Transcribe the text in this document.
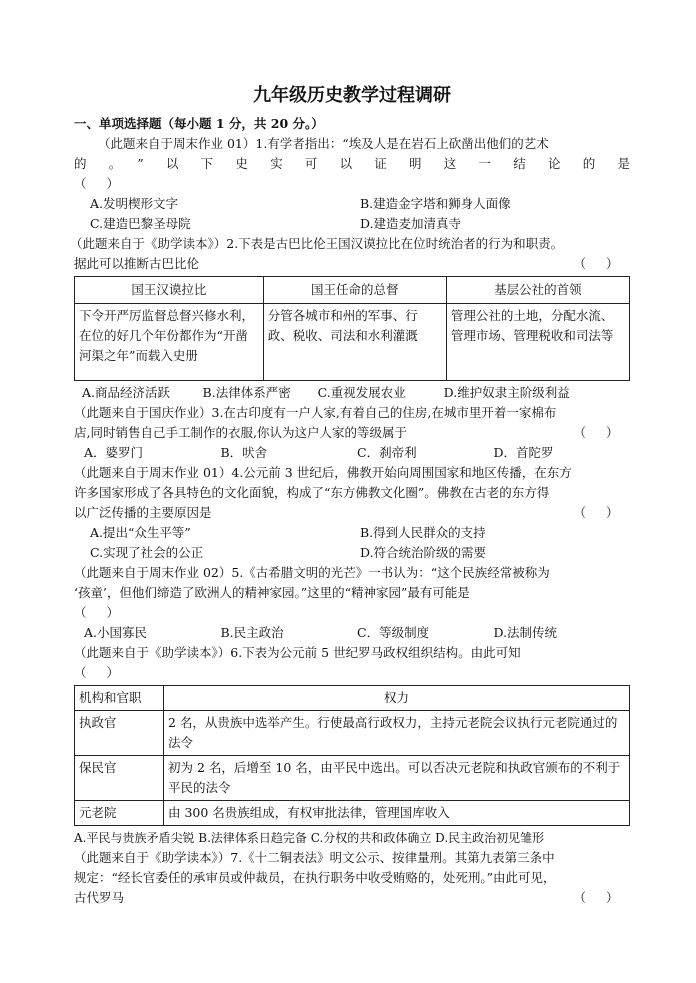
九年级历史教学过程调研

一、单项选择题（每小题 1 分，共 20 分。）

（此题来自于周末作业 01）1.有学者指出：“埃及人是在岩石上砍凿出他们的艺术

的。”以下史实可以证明这一结论的是

（ ）

A.发明楔形文字	B.建造金字塔和狮身人面像
C.建造巴黎圣母院	D.建造麦加清真寺

（此题来自于《助学读本》）2.下表是古巴比伦王国汉谟拉比在位时统治者的行为和职责。

据此可以推断古巴比伦	（ ）

国王汉谟拉比	国王任命的总督	基层公社的首领
下令开严厉监督总督兴修水利，在位的好几个年份都作为“开凿河渠之年”而载入史册	分管各城市和州的军事、行政、税收、司法和水利灌溉	管理公社的土地，分配水流、管理市场、管理税收和司法等
A.商品经济活跃	B.法律体系严密	C.重视发展农业	D.维护奴隶主阶级利益

（此题来自于国庆作业）3.在古印度有一户人家,有着自己的住房,在城市里开着一家棉布

店,同时销售自己手工制作的衣服,你认为这户人家的等级属于	（ ）

A．婆罗门	B．吠舍	C．刹帝利	D．首陀罗

（此题来自于周末作业 01）4.公元前 3 世纪后，佛教开始向周围国家和地区传播，在东方

许多国家形成了各具特色的文化面貌，构成了“东方佛教文化圈”。佛教在古老的东方得

以广泛传播的主要原因是	（ ）

A.提出“众生平等”	B.得到人民群众的支持
C.实现了社会的公正	D.符合统治阶级的需要

（此题来自于周末作业 02）5.《古希腊文明的光芒》一书认为：“这个民族经常被称为

‘孩童’，但他们缔造了欧洲人的精神家园。”这里的“精神家园”最有可能是

（ ）

A.小国寡民	B.民主政治	C．等级制度	D.法制传统

（此题来自于《助学读本》）6.下表为公元前 5 世纪罗马政权组织结构。由此可知

（ ）

机构和官职	权力
执政官	2 名，从贵族中选举产生。行使最高行政权力，主持元老院会议执行元老院通过的法令
保民官	初为 2 名，后增至 10 名，由平民中选出。可以否决元老院和执政官颁布的不利于平民的法令
元老院	由 300 名贵族组成，有权审批法律，管理国库收入

A.平民与贵族矛盾尖锐 B.法律体系日趋完备 C.分权的共和政体确立 D.民主政治初见雏形

（此题来自于《助学读本》）7.《十二铜表法》明文公示、按律量刑。其第九表第三条中

规定：“经长官委任的承审员或仲裁员，在执行职务中收受贿赂的，处死刑。”由此可见，

古代罗马	（ ）
